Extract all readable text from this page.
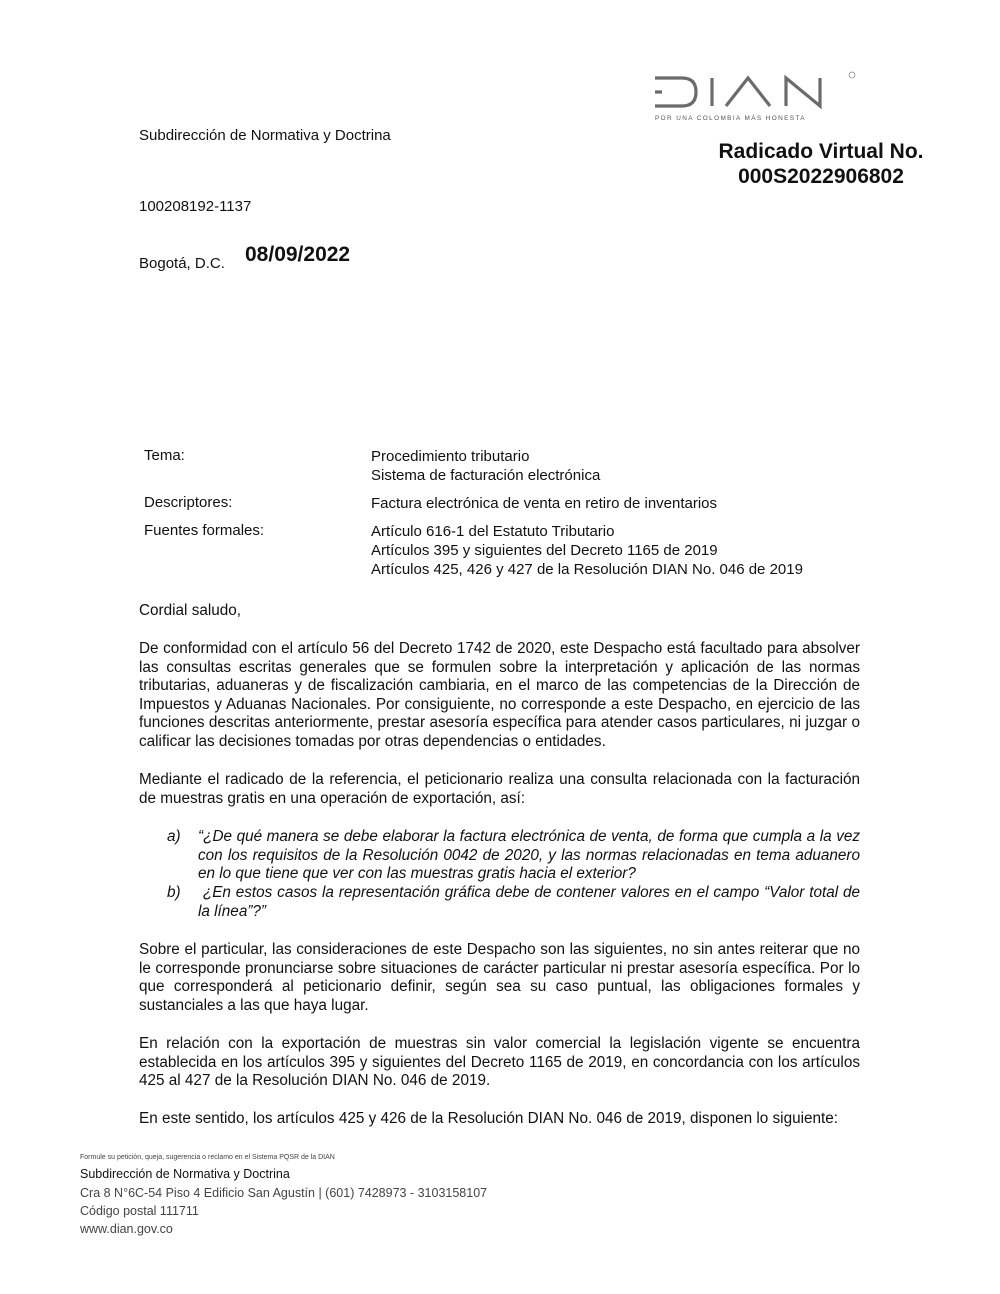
POR UNA COLOMBIA MÁS HONESTA
Subdirección de Normativa y Doctrina
Radicado Virtual No.
000S2022906802
100208192-1137
Bogotá, D.C. 08/09/2022
Tema:	Procedimiento tributario
Sistema de facturación electrónica
Descriptores:	Factura electrónica de venta en retiro de inventarios
Fuentes formales:	Artículo 616-1 del Estatuto Tributario
Artículos 395 y siguientes del Decreto 1165 de 2019
Artículos 425, 426 y 427 de la Resolución DIAN No. 046 de 2019
Cordial saludo,
De conformidad con el artículo 56 del Decreto 1742 de 2020, este Despacho está facultado para absolver las consultas escritas generales que se formulen sobre la interpretación y aplicación de las normas tributarias, aduaneras y de fiscalización cambiaria, en el marco de las competencias de la Dirección de Impuestos y Aduanas Nacionales. Por consiguiente, no corresponde a este Despacho, en ejercicio de las funciones descritas anteriormente, prestar asesoría específica para atender casos particulares, ni juzgar o calificar las decisiones tomadas por otras dependencias o entidades.
Mediante el radicado de la referencia, el peticionario realiza una consulta relacionada con la facturación de muestras gratis en una operación de exportación, así:
a) “¿De qué manera se debe elaborar la factura electrónica de venta, de forma que cumpla a la vez con los requisitos de la Resolución 0042 de 2020, y las normas relacionadas en tema aduanero en lo que tiene que ver con las muestras gratis hacia el exterior?
b) ¿En estos casos la representación gráfica debe de contener valores en el campo “Valor total de la línea”?”
Sobre el particular, las consideraciones de este Despacho son las siguientes, no sin antes reiterar que no le corresponde pronunciarse sobre situaciones de carácter particular ni prestar asesoría específica. Por lo que corresponderá al peticionario definir, según sea su caso puntual, las obligaciones formales y sustanciales a las que haya lugar.
En relación con la exportación de muestras sin valor comercial la legislación vigente se encuentra establecida en los artículos 395 y siguientes del Decreto 1165 de 2019, en concordancia con los artículos 425 al 427 de la Resolución DIAN No. 046 de 2019.
En este sentido, los artículos 425 y 426 de la Resolución DIAN No. 046 de 2019, disponen lo siguiente:
Formule su petición, queja, sugerencia o reclamo en el Sistema PQSR de la DIAN
Subdirección de Normativa y Doctrina
Cra 8 N°6C-54 Piso 4 Edificio San Agustín | (601) 7428973 - 3103158107
Código postal 111711
www.dian.gov.co
